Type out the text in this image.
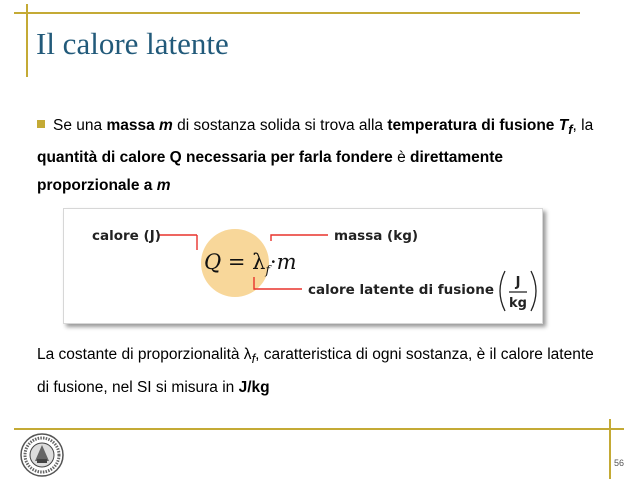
Il calore latente
Se una massa m di sostanza solida si trova alla temperatura di fusione $T_f$, la quantità di calore Q necessaria per farla fondere è direttamente proporzionale a m
calore (J)	massa (kg)
calore latente di fusione
$Q = \lambda_f\cdot m$
J
kg
La costante di proporzionalità $\lambda_f$, caratteristica di ogni sostanza, è il calore latente di fusione, nel SI si misura in J/kg
56
